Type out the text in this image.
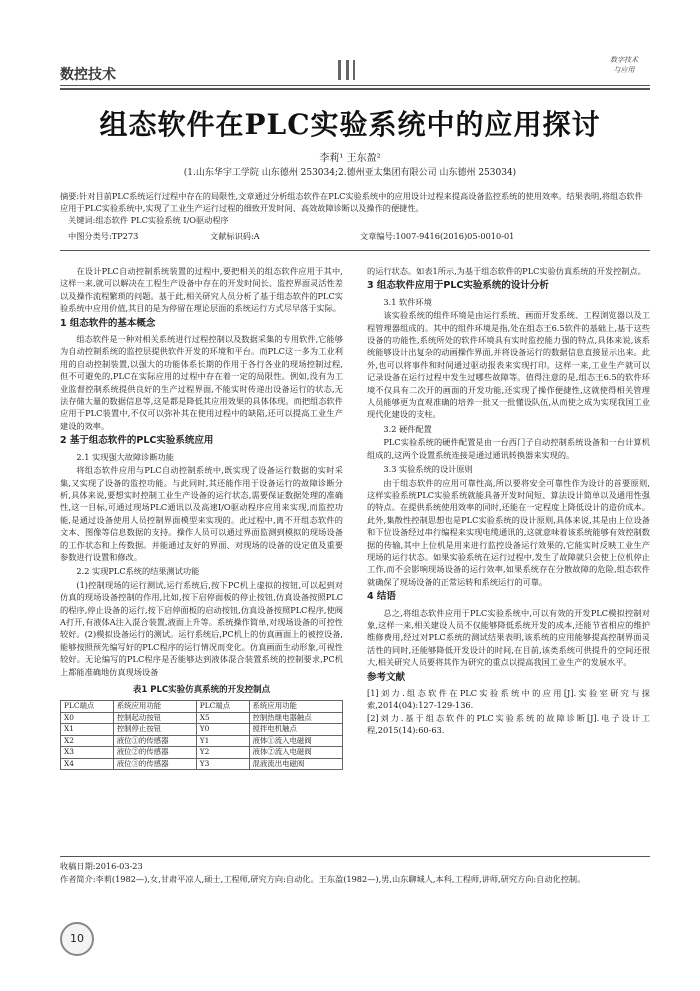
数控技术
数字技术
与应用
组态软件在PLC实验系统中的应用探讨
李莉¹ 王东盈²
(1.山东华宇工学院 山东德州 253034;2.德州亚太集团有限公司 山东德州 253034)

摘要:针对目前PLC系统运行过程中存在的局限性,文章通过分析组态软件在PLC实验系统中的应用设计过程来提高设备监控系统的使用效率。结果表明,将组态软件应用于PLC实验系统中,实现了工业生产运行过程的细致开发时间、高效故障诊断以及操作的便捷性。

关键词:组态软件 PLC实验系统 I/O驱动程序

中图分类号:TP273	文献标识码:A	文章编号:1007-9416(2016)05-0010-01

在设计PLC自动控制系统装置的过程中,要把相关的组态软件应用于其中,这样一来,就可以解决在工程生产设备中存在的开发时间长、监控界面灵活性差以及操作流程繁琐的问题。基于此,相关研究人员分析了基于组态软件的PLC实验系统中应用价值,其目的是为停留在理论层面的系统运行方式尽早落于实际。

1 组态软件的基本概念

组态软件是一种对相关系统进行过程控制以及数据采集的专用软件,它能够为自动控制系统的监控层提供软件开发的环境和平台。而PLC这一多为工业利用的自动控制装置,以强大的功能体系长期的作用于各行各业的现场控制过程,但不可避免的,PLC在实际应用的过程中存在着一定的局限性。例如,没有为工业监督控制系统提供良好的生产过程界面,不能实时传递出设备运行的状态,无法存储大量的数据信息等,这是都是降低其应用效果的具体体现。而把组态软件应用于PLC装置中,不仅可以弥补其在使用过程中的缺陷,还可以提高工业生产建设的效率。

2 基于组态软件的PLC实验系统应用
2.1 实现强大故障诊断功能

将组态软件应用与PLC自动控制系统中,既实现了设备运行数据的实时采集,又实现了设备的监控功能。与此同时,其还能作用于设备运行的故障诊断分析,具体来说,要想实时控制工业生产设备的运行状态,需要保证数据处理的准确性,这一目标,可通过现场PLC通讯以及高速I/O驱动程序应用来实现,而监控功能,是通过设备使用人员控制界面模型来实现的。此过程中,离不开组态软件的文本、图像等信息数据的支持。操作人员可以通过界面监测到模拟的现场设备的工作状态和上传数据。并能通过友好的界面、对现场的设备的设定值及重要参数进行设置和修改。

2.2 实现PLC系统的结果测试功能

(1)控制现场的运行测试,运行系统后,按下PC机上虚拟的按钮,可以起到对仿真的现场设备控制的作用,比如,按下启停面板的停止按钮,仿真设备按照PLC的程序,停止设备的运行,按下启停面板的启动按钮,仿真设备按照PLC程序,使阀A打开,有液体A注入混合装置,液面上升等。系统操作简单,对现场设备的可控性较好。(2)模拟设备运行的测试。运行系统后,PC机上的仿真画面上的被控设备,能够按照预先编写好的PLC程序的运行情况而变化。仿真画面生动形象,可视性较好。无论编写的PLC程序是否能够达到液体混合装置系统的控制要求,PC机上都能准确地仿真现场设备

表1 PLC实验仿真系统的开发控制点

PLC端点	系统应用功能	PLC端点	系统应用功能
X0	控制起动按钮	X5	控制热继电器触点
X1	控制停止按钮	Y0	搅拌电机触点
X2	液位①的传感器	Y1	液体①流入电磁阀
X3	液位②的传感器	Y2	液体②流入电磁阀
X4	液位③的传感器	Y3	混液流出电磁阀

的运行状态。如表1所示,为基于组态软件的PLC实验仿真系统的开发控制点。

3 组态软件应用于PLC实验系统的设计分析
3.1 软件环境

该实验系统的组件环境是由运行系统、画面开发系统、工程浏览器以及工程管理器组成的。其中的组件环境是指,处在组态王6.5软件的基础上,基于这些设备的功能性,系统所处的软件环境具有实时监控能力强的特点,具体来说,该系统能够设计出复杂的动画操作界面,并将设备运行的数据信息直接显示出来。此外,也可以将事件和时间通过驱动报表来实现打印。这样一来,工业生产就可以记录设备在运行过程中发生过哪些故障等。值得注意的是,组态王6.5的软件环境不仅具有二次开的画面的开发功能,还实现了操作便捷性,这就使得相关管理人员能够更为直观准确的培养一批又一批懂设队伍,从而使之成为实现我国工业现代化建设的支柱。

3.2 硬件配置

PLC实验系统的硬件配置是由一台西门子自动控制系统设备和一台计算机组成的,这两个设置系统连接是通过通讯转换器来实现的。

3.3 实验系统的设计原则

由于组态软件的应用可靠性高,所以要将安全可靠性作为设计的首要原则,这样实验系统PLC实验系统就能具备开发时间短、算法设计简单以及通用性强的特点。在提供系统使用效率的同时,还能在一定程度上降低设计的造价成本。此外,集散性控制思想也是PLC实验系统的设计原则,具体来说,其是由上位设备和下位设备经过串行编程来实现电缆通讯的,这就意味着该系统能够有效控制数据的传输,其中上位机是用来进行监控设备运行效果的,它能实时反映工业生产现场的运行状态。如果实验系统在运行过程中,发生了故障就只会使上位机停止工作,而不会影响现场设备的运行效率,如果系统存在分散故障的危险,组态软件就确保了现场设备的正常运转和系统运行的可靠。

4 结语

总之,将组态软件应用于PLC实验系统中,可以有效的开发PLC模拟控制对象,这样一来,相关建设人员不仅能够降低系统开发的成本,还能节省相应的维护维修费用,经过对PLC系统的测试结果表明,该系统的应用能够提高控制界面灵活性的同时,还能够降低开发设计的时间,在目前,该类系统可供提升的空间还很大,相关研究人员要将其作为研究的重点以提高我国工业生产的发展水平。

参考文献

[1]刘力.组态软件在PLC实验系统中的应用[J].实验室研究与探索,2014(04):127-129-136.

[2]刘力.基于组态软件的PLC实验系统的故障诊断[J].电子设计工程,2015(14):60-63.

收稿日期:2016-03-23

作者简介:李莉(1982—),女,甘肃平凉人,硕士,工程师,研究方向:自动化。王东盈(1982—),男,山东聊城人,本科,工程师,讲师,研究方向:自动化控制。

10
